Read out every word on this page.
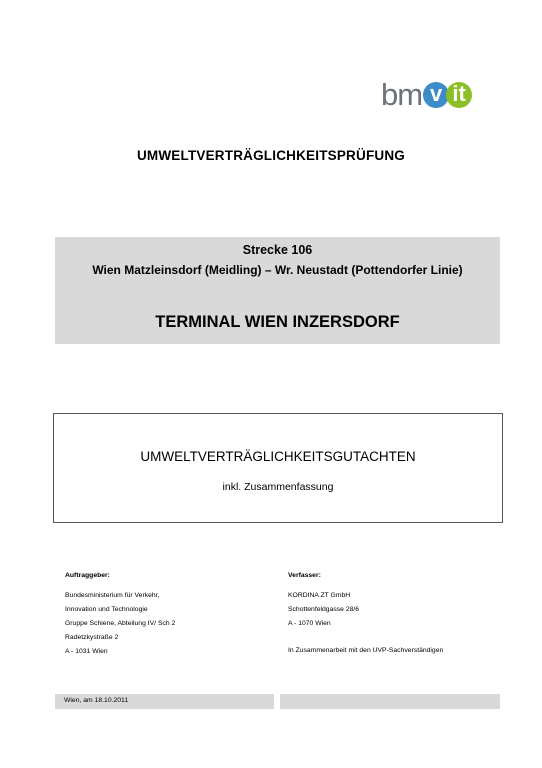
bm v it
UMWELTVERTRÄGLICHKEITSPRÜFUNG
Strecke 106
Wien Matzleinsdorf (Meidling) – Wr. Neustadt (Pottendorfer Linie)
TERMINAL WIEN INZERSDORF
UMWELTVERTRÄGLICHKEITSGUTACHTEN
inkl. Zusammenfassung
Auftraggeber:
Bundesministerium für Verkehr,
Innovation und Technologie
Gruppe Schiene, Abteilung IV/ Sch 2
Radetzkystraße 2
A - 1031 Wien
Verfasser:
KORDINA ZT GmbH
Schottenfeldgasse 28/6
A - 1070 Wien
In Zusammenarbeit mit den UVP-Sachverständigen
Wien, am 18.10.2011
